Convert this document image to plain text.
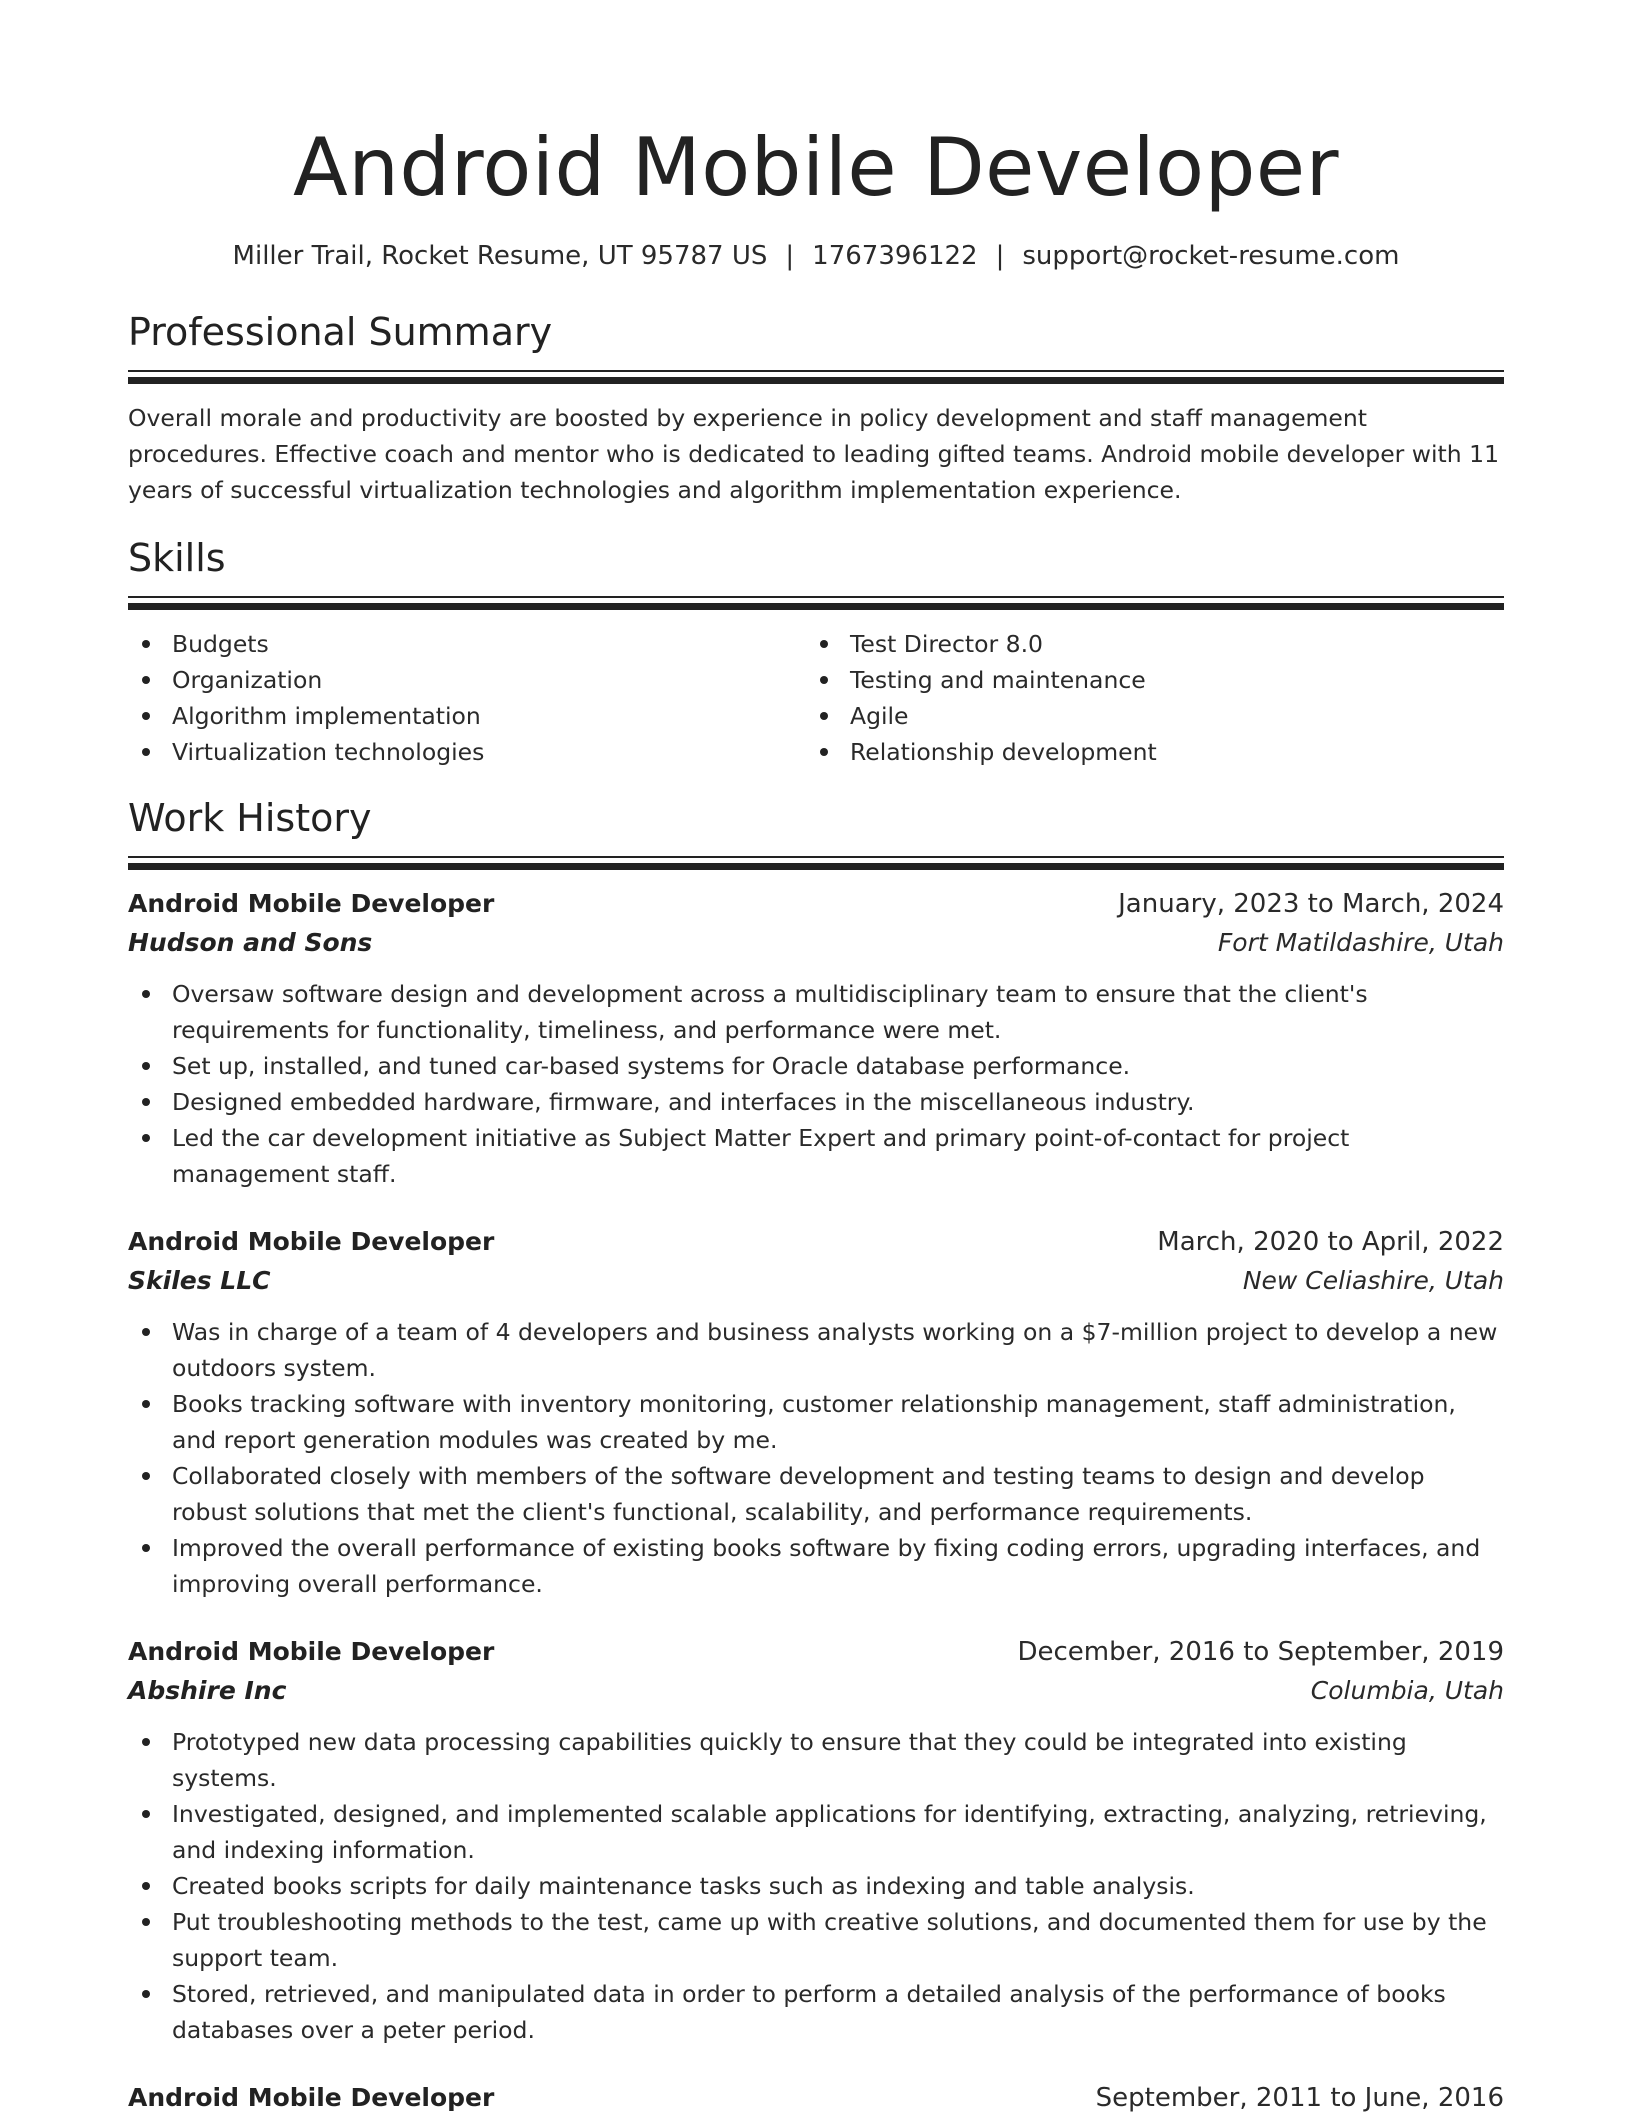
Android Mobile Developer
Miller Trail, Rocket Resume, UT 95787 US | 1767396122 | support@rocket-resume.com
Professional Summary

Overall morale and productivity are boosted by experience in policy development and staff management procedures. Effective coach and mentor who is dedicated to leading gifted teams. Android mobile developer with 11 years of successful virtualization technologies and algorithm implementation experience.

Skills
Budgets
Organization
Algorithm implementation
Virtualization technologies
Test Director 8.0
Testing and maintenance
Agile
Relationship development
Work History
Android Mobile Developer	January, 2023 to March, 2024
Hudson and Sons	Fort Matildashire, Utah
Oversaw software design and development across a multidisciplinary team to ensure that the client's requirements for functionality, timeliness, and performance were met.
Set up, installed, and tuned car-based systems for Oracle database performance.
Designed embedded hardware, firmware, and interfaces in the miscellaneous industry.
Led the car development initiative as Subject Matter Expert and primary point-of-contact for project management staff.
Android Mobile Developer	March, 2020 to April, 2022
Skiles LLC	New Celiashire, Utah
Was in charge of a team of 4 developers and business analysts working on a $7-million project to develop a new outdoors system.
Books tracking software with inventory monitoring, customer relationship management, staff administration, and report generation modules was created by me.
Collaborated closely with members of the software development and testing teams to design and develop robust solutions that met the client's functional, scalability, and performance requirements.
Improved the overall performance of existing books software by fixing coding errors, upgrading interfaces, and improving overall performance.
Android Mobile Developer	December, 2016 to September, 2019
Abshire Inc	Columbia, Utah
Prototyped new data processing capabilities quickly to ensure that they could be integrated into existing systems.
Investigated, designed, and implemented scalable applications for identifying, extracting, analyzing, retrieving, and indexing information.
Created books scripts for daily maintenance tasks such as indexing and table analysis.
Put troubleshooting methods to the test, came up with creative solutions, and documented them for use by the support team.
Stored, retrieved, and manipulated data in order to perform a detailed analysis of the performance of books databases over a peter period.
Android Mobile Developer	September, 2011 to June, 2016
